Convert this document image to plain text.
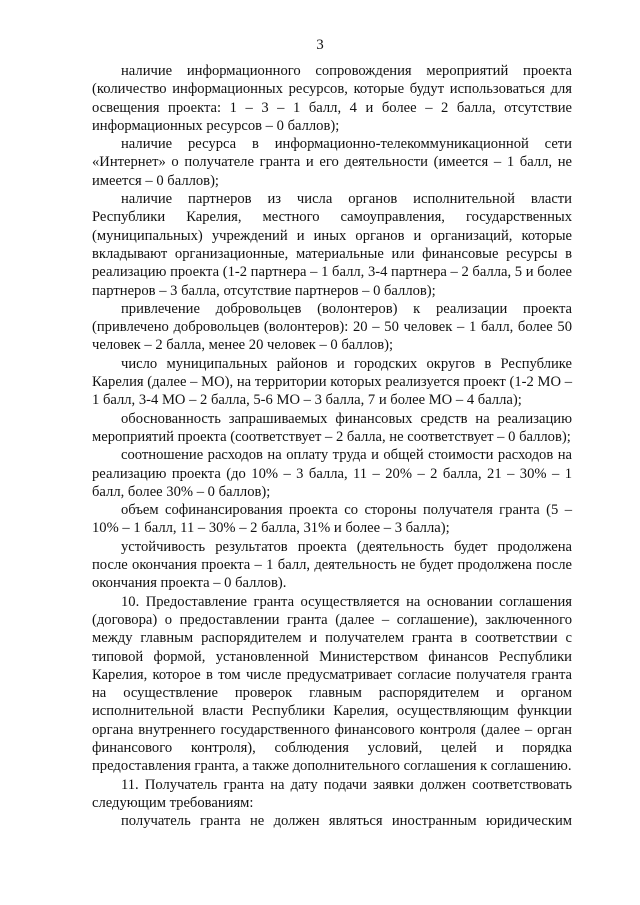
3

наличие информационного сопровождения мероприятий проекта (количество информационных ресурсов, которые будут использоваться для освещения проекта: 1 – 3 – 1 балл, 4 и более – 2 балла, отсутствие информационных ресурсов – 0 баллов);

наличие ресурса в информационно-телекоммуникационной сети «Интернет» о получателе гранта и его деятельности (имеется – 1 балл, не имеется – 0 баллов);

наличие партнеров из числа органов исполнительной власти Республики Карелия, местного самоуправления, государственных (муниципальных) учреждений и иных органов и организаций, которые вкладывают организационные, материальные или финансовые ресурсы в реализацию проекта (1-2 партнера – 1 балл, 3-4 партнера – 2 балла, 5 и более партнеров – 3 балла, отсутствие партнеров – 0 баллов);

привлечение добровольцев (волонтеров) к реализации проекта (привлечено добровольцев (волонтеров): 20 – 50 человек – 1 балл, более 50 человек – 2 балла, менее 20 человек – 0 баллов);

число муниципальных районов и городских округов в Республике Карелия (далее – МО), на территории которых реализуется проект (1-2 МО – 1 балл, 3-4 МО – 2 балла, 5-6 МО – 3 балла, 7 и более МО – 4 балла);

обоснованность запрашиваемых финансовых средств на реализацию мероприятий проекта (соответствует – 2 балла, не соответствует – 0 баллов);

соотношение расходов на оплату труда и общей стоимости расходов на реализацию проекта (до 10% – 3 балла, 11 – 20% – 2 балла, 21 – 30% – 1 балл, более 30% – 0 баллов);

объем софинансирования проекта со стороны получателя гранта (5 – 10% – 1 балл, 11 – 30% – 2 балла, 31% и более – 3 балла);

устойчивость результатов проекта (деятельность будет продолжена после окончания проекта – 1 балл, деятельность не будет продолжена после окончания проекта – 0 баллов).

10. Предоставление гранта осуществляется на основании соглашения (договора) о предоставлении гранта (далее – соглашение), заключенного между главным распорядителем и получателем гранта в соответствии с типовой формой, установленной Министерством финансов Республики Карелия, которое в том числе предусматривает согласие получателя гранта на осуществление проверок главным распорядителем и органом исполнительной власти Республики Карелия, осуществляющим функции органа внутреннего государственного финансового контроля (далее – орган финансового контроля), соблюдения условий, целей и порядка предоставления гранта, а также дополнительного соглашения к соглашению.

11. Получатель гранта на дату подачи заявки должен соответствовать следующим требованиям:

получатель гранта не должен являться иностранным юридическим
